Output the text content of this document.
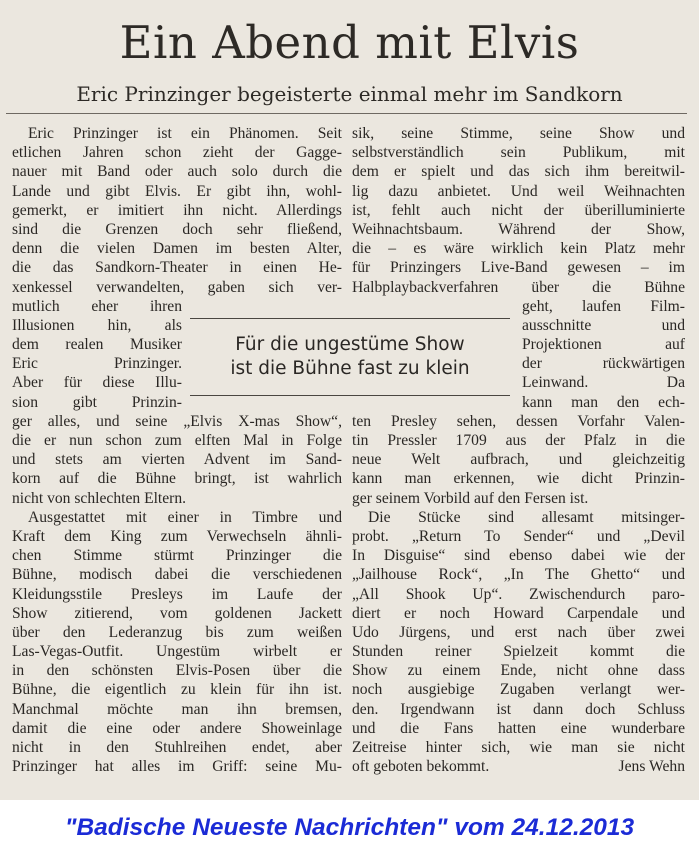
Ein Abend mit Elvis
Eric Prinzinger begeisterte einmal mehr im Sandkorn
Eric Prinzinger ist ein Phänomen. Seit
etlichen Jahren schon zieht der Gagge-
nauer mit Band oder auch solo durch die
Lande und gibt Elvis. Er gibt ihn, wohl-
gemerkt, er imitiert ihn nicht. Allerdings
sind die Grenzen doch sehr fließend,
denn die vielen Damen im besten Alter,
die das Sandkorn-Theater in einen He-
xenkessel verwandelten, gaben sich ver-
mutlich eher ihren
Illusionen hin, als
dem realen Musiker
Eric Prinzinger.
Aber für diese Illu-
sion gibt Prinzin-
ger alles, und seine „Elvis X-mas Show“,
die er nun schon zum elften Mal in Folge
und stets am vierten Advent im Sand-
korn auf die Bühne bringt, ist wahrlich
nicht von schlechten Eltern.
Ausgestattet mit einer in Timbre und
Kraft dem King zum Verwechseln ähnli-
chen Stimme stürmt Prinzinger die
Bühne, modisch dabei die verschiedenen
Kleidungsstile Presleys im Laufe der
Show zitierend, vom goldenen Jackett
über den Lederanzug bis zum weißen
Las-Vegas-Outfit. Ungestüm wirbelt er
in den schönsten Elvis-Posen über die
Bühne, die eigentlich zu klein für ihn ist.
Manchmal möchte man ihn bremsen,
damit die eine oder andere Showeinlage
nicht in den Stuhlreihen endet, aber
Prinzinger hat alles im Griff: seine Mu-
sik, seine Stimme, seine Show und
selbstverständlich sein Publikum, mit
dem er spielt und das sich ihm bereitwil-
lig dazu anbietet. Und weil Weihnachten
ist, fehlt auch nicht der überilluminierte
Weihnachtsbaum. Während der Show,
die – es wäre wirklich kein Platz mehr
für Prinzingers Live-Band gewesen – im
Halbplaybackverfahren über die Bühne
geht, laufen Film-
ausschnitte und
Projektionen auf
der rückwärtigen
Leinwand. Da
kann man den ech-
ten Presley sehen, dessen Vorfahr Valen-
tin Pressler 1709 aus der Pfalz in die
neue Welt aufbrach, und gleichzeitig
kann man erkennen, wie dicht Prinzin-
ger seinem Vorbild auf den Fersen ist.
Die Stücke sind allesamt mitsinger-
probt. „Return To Sender“ und „Devil
In Disguise“ sind ebenso dabei wie der
„Jailhouse Rock“, „In The Ghetto“ und
„All Shook Up“. Zwischendurch paro-
diert er noch Howard Carpendale und
Udo Jürgens, und erst nach über zwei
Stunden reiner Spielzeit kommt die
Show zu einem Ende, nicht ohne dass
noch ausgiebige Zugaben verlangt wer-
den. Irgendwann ist dann doch Schluss
und die Fans hatten eine wunderbare
Zeitreise hinter sich, wie man sie nicht
oft geboten bekommt.	Jens Wehn
Für die ungestüme Show
ist die Bühne fast zu klein
"Badische Neueste Nachrichten" vom 24.12.2013
